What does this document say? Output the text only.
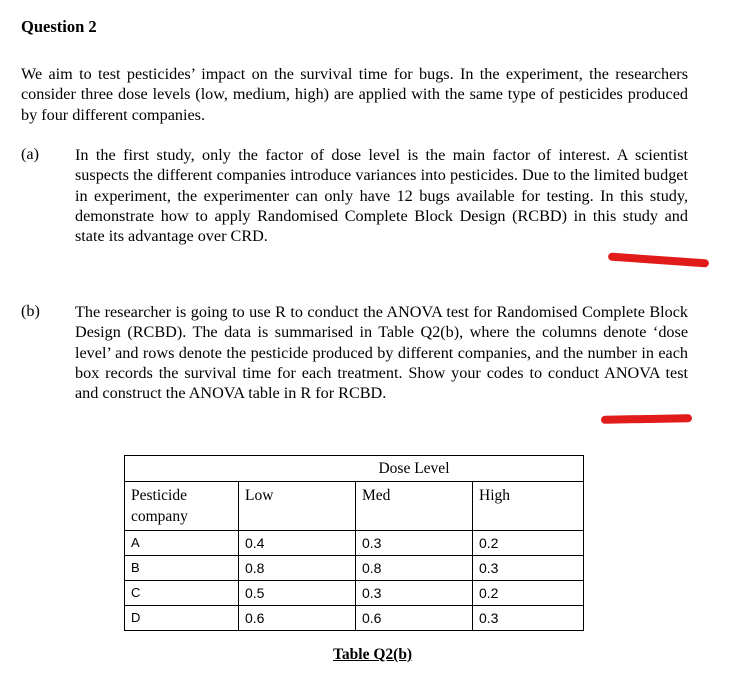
Question 2
We aim to test pesticides’ impact on the survival time for bugs. In the experiment, the researchers consider three dose levels (low, medium, high) are applied with the same type of pesticides produced by four different companies.
(a) In the first study, only the factor of dose level is the main factor of interest. A scientist suspects the different companies introduce variances into pesticides. Due to the limited budget in experiment, the experimenter can only have 12 bugs available for testing. In this study, demonstrate how to apply Randomised Complete Block Design (RCBD) in this study and state its advantage over CRD.
(b) The researcher is going to use R to conduct the ANOVA test for Randomised Complete Block Design (RCBD). The data is summarised in Table Q2(b), where the columns denote ‘dose level’ and rows denote the pesticide produced by different companies, and the number in each box records the survival time for each treatment. Show your codes to conduct ANOVA test and construct the ANOVA table in R for RCBD.
		Dose Level	
Pesticide company	Low	Med	High
A	0.4	0.3	0.2
B	0.8	0.8	0.3
C	0.5	0.3	0.2
D	0.6	0.6	0.3
Table Q2(b)
